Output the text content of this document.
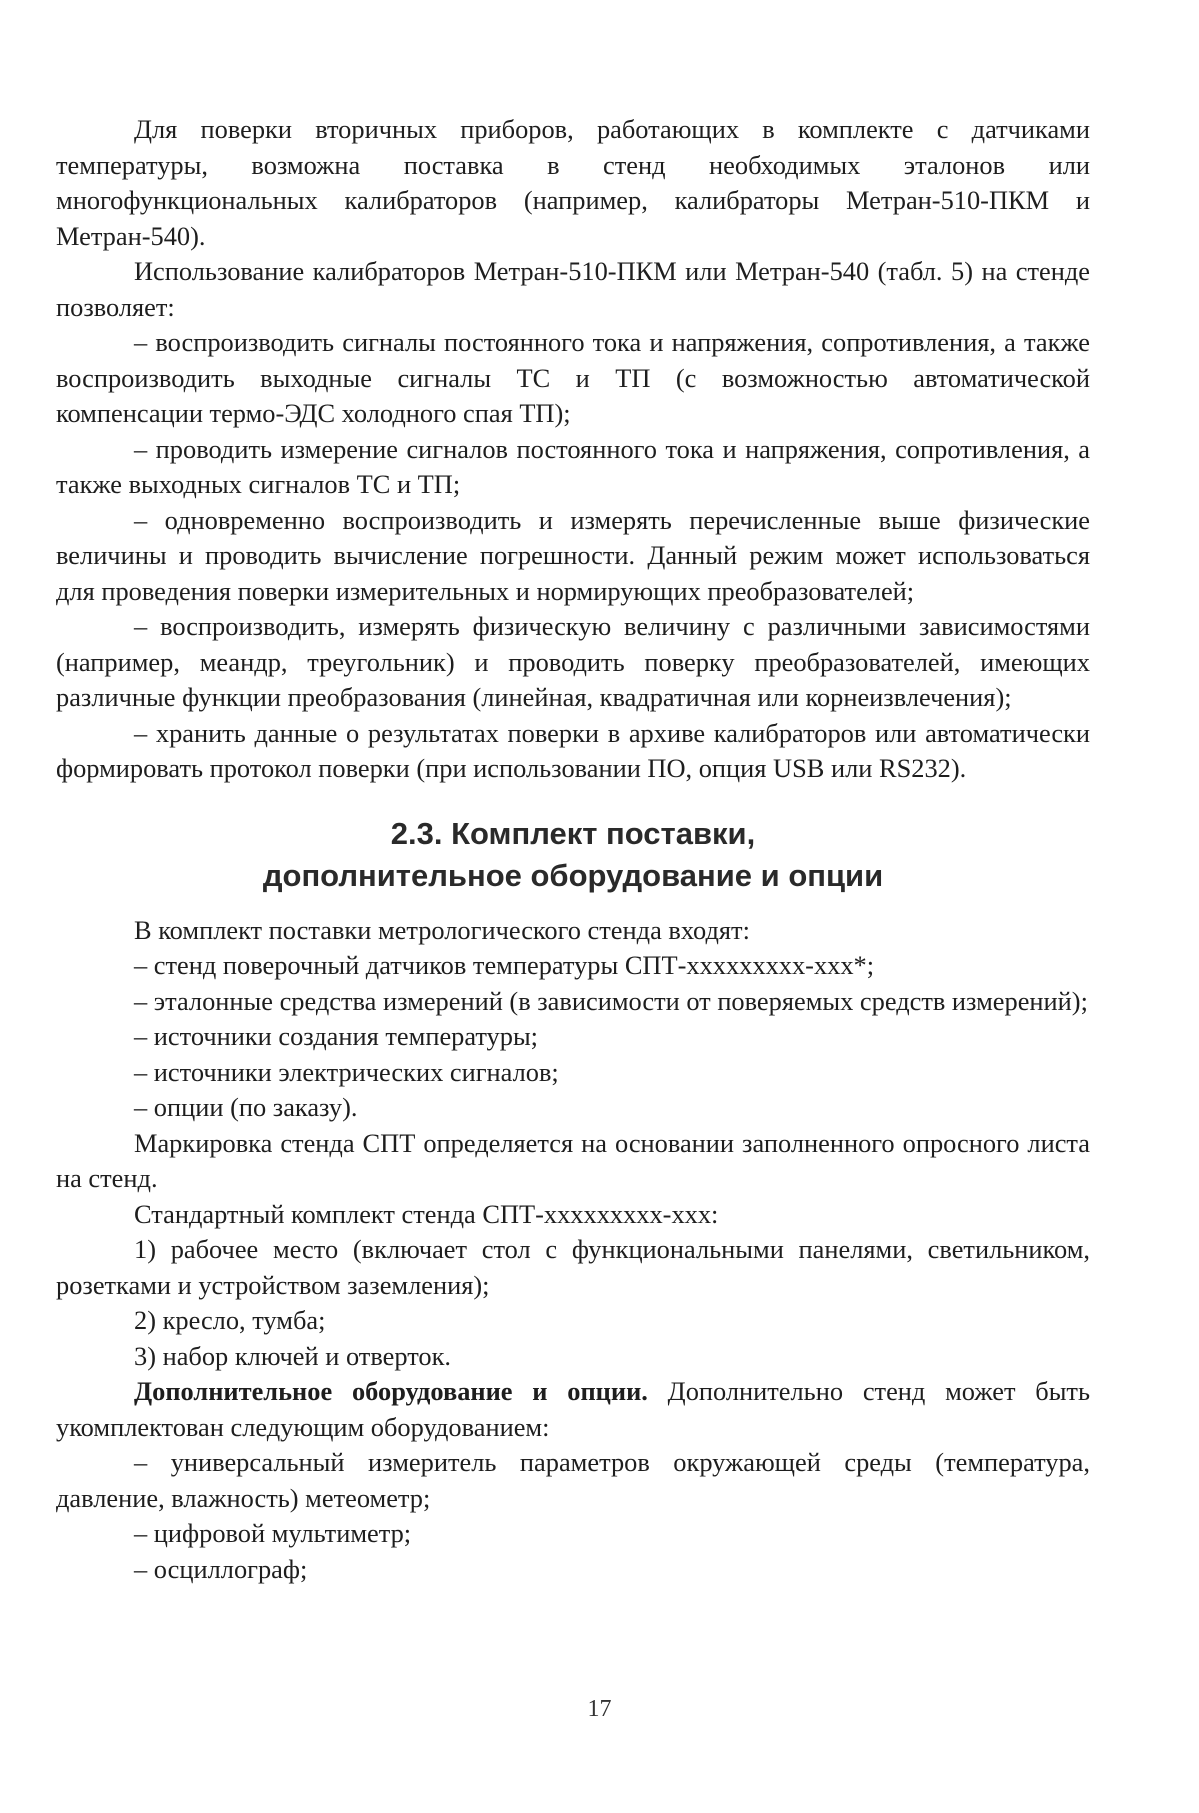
Для поверки вторичных приборов, работающих в комплекте с датчиками температуры, возможна поставка в стенд необходимых эталонов или многофункциональных калибраторов (например, калибраторы Метран-510-ПКМ и Метран-540).

Использование калибраторов Метран-510-ПКМ или Метран-540 (табл. 5) на стенде позволяет:

– воспроизводить сигналы постоянного тока и напряжения, сопротивления, а также воспроизводить выходные сигналы ТС и ТП (с возможностью автоматической компенсации термо-ЭДС холодного спая ТП);

– проводить измерение сигналов постоянного тока и напряжения, сопротивления, а также выходных сигналов ТС и ТП;

– одновременно воспроизводить и измерять перечисленные выше физические величины и проводить вычисление погрешности. Данный режим может использоваться для проведения поверки измерительных и нормирующих преобразователей;

– воспроизводить, измерять физическую величину с различными зависимостями (например, меандр, треугольник) и проводить поверку преобразователей, имеющих различные функции преобразования (линейная, квадратичная или корнеизвлечения);

– хранить данные о результатах поверки в архиве калибраторов или автоматически формировать протокол поверки (при использовании ПО, опция USB или RS232).

2.3. Комплект поставки,
дополнительное оборудование и опции

В комплект поставки метрологического стенда входят:

– стенд поверочный датчиков температуры СПТ-ххххххххх-ххх*;

– эталонные средства измерений (в зависимости от поверяемых средств измерений);

– источники создания температуры;

– источники электрических сигналов;

– опции (по заказу).

Маркировка стенда СПТ определяется на основании заполненного опросного листа на стенд.

Стандартный комплект стенда СПТ-ххххххххх-ххх:

1) рабочее место (включает стол с функциональными панелями, светильником, розетками и устройством заземления);

2) кресло, тумба;

3) набор ключей и отверток.

Дополнительное оборудование и опции. Дополнительно стенд может быть укомплектован следующим оборудованием:

– универсальный измеритель параметров окружающей среды (температура, давление, влажность) метеометр;

– цифровой мультиметр;

– осциллограф;

17
